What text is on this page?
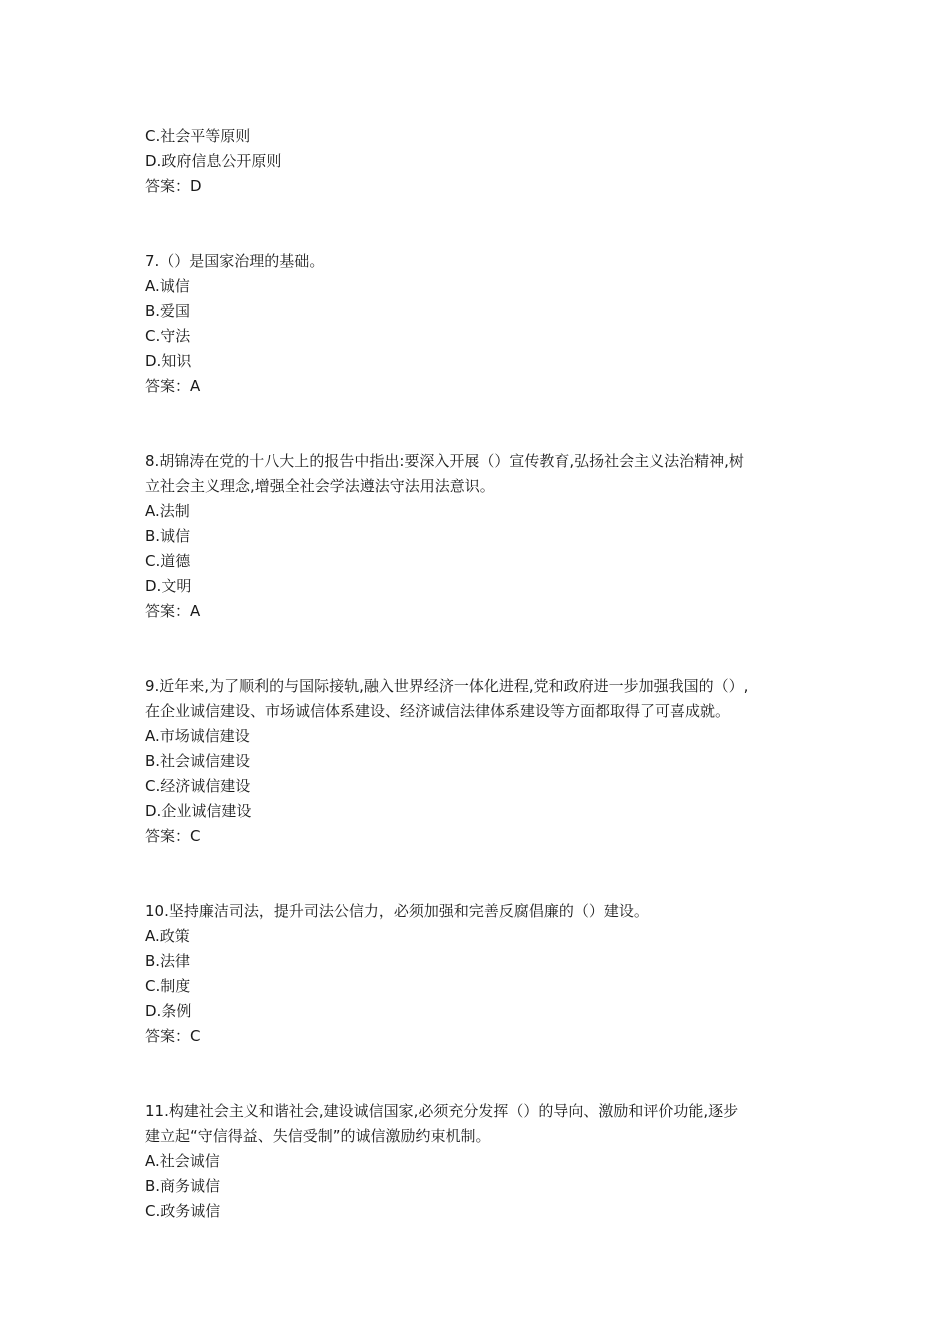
C.社会平等原则
D.政府信息公开原则
答案：D
7.（）是国家治理的基础。
A.诚信
B.爱国
C.守法
D.知识
答案：A
8.胡锦涛在党的十八大上的报告中指出:要深入开展（）宣传教育,弘扬社会主义法治精神,树
立社会主义理念,增强全社会学法遵法守法用法意识。
A.法制
B.诚信
C.道德
D.文明
答案：A
9.近年来,为了顺利的与国际接轨,融入世界经济一体化进程,党和政府进一步加强我国的（）,
在企业诚信建设、市场诚信体系建设、经济诚信法律体系建设等方面都取得了可喜成就。
A.市场诚信建设
B.社会诚信建设
C.经济诚信建设
D.企业诚信建设
答案：C
10.坚持廉洁司法，提升司法公信力，必须加强和完善反腐倡廉的（）建设。
A.政策
B.法律
C.制度
D.条例
答案：C
11.构建社会主义和谐社会,建设诚信国家,必须充分发挥（）的导向、激励和评价功能,逐步
建立起“守信得益、失信受制”的诚信激励约束机制。
A.社会诚信
B.商务诚信
C.政务诚信
